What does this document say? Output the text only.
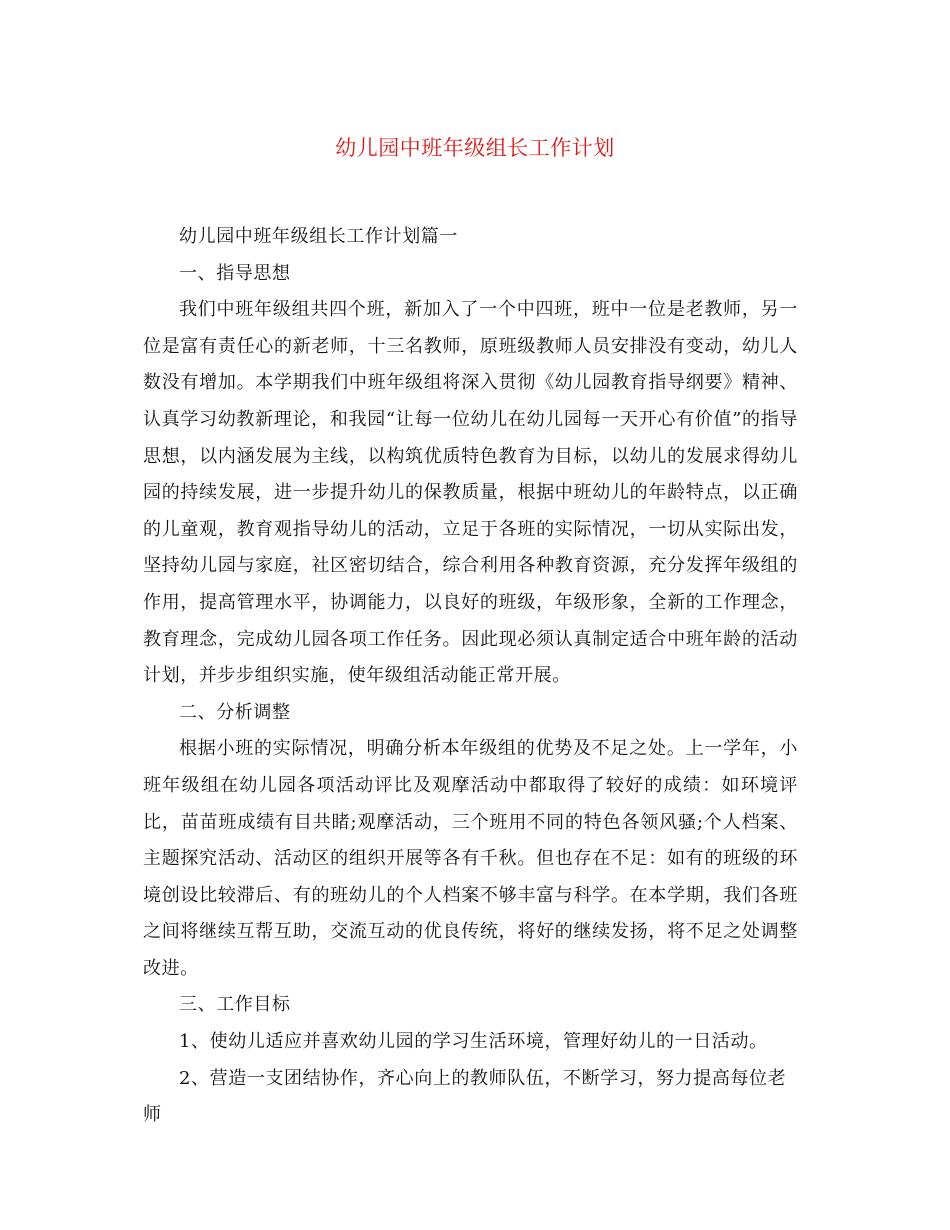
幼儿园中班年级组长工作计划

幼儿园中班年级组长工作计划篇一

一、指导思想

我们中班年级组共四个班，新加入了一个中四班，班中一位是老教师，另一位是富有责任心的新老师，十三名教师，原班级教师人员安排没有变动，幼儿人数没有增加。本学期我们中班年级组将深入贯彻《幼儿园教育指导纲要》精神、认真学习幼教新理论，和我园“让每一位幼儿在幼儿园每一天开心有价值”的指导思想，以内涵发展为主线，以构筑优质特色教育为目标，以幼儿的发展求得幼儿园的持续发展，进一步提升幼儿的保教质量，根据中班幼儿的年龄特点，以正确的儿童观，教育观指导幼儿的活动，立足于各班的实际情况，一切从实际出发，坚持幼儿园与家庭，社区密切结合，综合利用各种教育资源，充分发挥年级组的作用，提高管理水平，协调能力，以良好的班级，年级形象，全新的工作理念，教育理念，完成幼儿园各项工作任务。因此现必须认真制定适合中班年龄的活动计划，并步步组织实施，使年级组活动能正常开展。

二、分析调整

根据小班的实际情况，明确分析本年级组的优势及不足之处。上一学年，小班年级组在幼儿园各项活动评比及观摩活动中都取得了较好的成绩：如环境评比，苗苗班成绩有目共睹;观摩活动，三个班用不同的特色各领风骚;个人档案、主题探究活动、活动区的组织开展等各有千秋。但也存在不足：如有的班级的环境创设比较滞后、有的班幼儿的个人档案不够丰富与科学。在本学期，我们各班之间将继续互帮互助，交流互动的优良传统，将好的继续发扬，将不足之处调整改进。

三、工作目标

1、使幼儿适应并喜欢幼儿园的学习生活环境，管理好幼儿的一日活动。

2、营造一支团结协作，齐心向上的教师队伍，不断学习，努力提高每位老师
